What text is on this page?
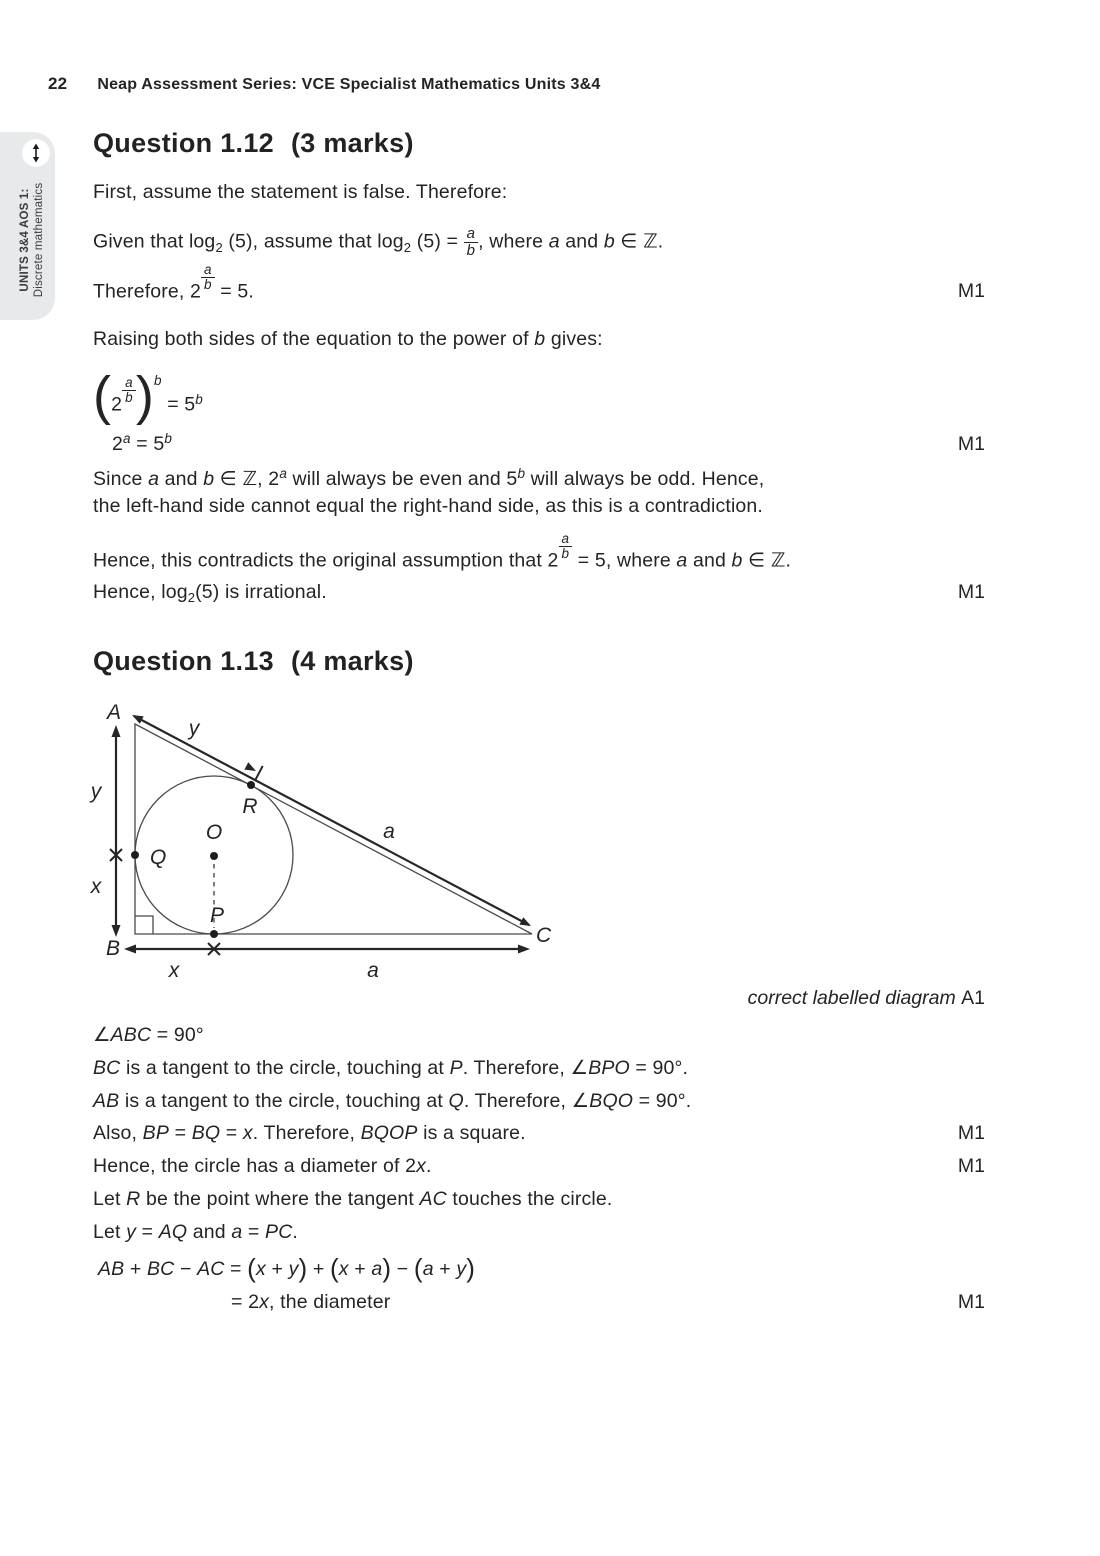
22 Neap Assessment Series: VCE Specialist Mathematics Units 3&4
UNITS 3&4 AOS 1: Discrete mathematics
Question 1.12 (3 marks)
First, assume the statement is false. Therefore:
Given that $\log_2 (5)$, assume that $\log_2 (5) = \frac{a}{b}$ , where a and b ∈ ℤ.
Therefore, $2 \frac{a}{b} = 5$.	M1
Raising both sides of the equation to the power of b gives:
$(2 \frac{a}{b} )^b = 5^b$
$2^a = 5^b$	M1
Since a and b ∈ ℤ, 2$^a$ will always be even and 5$^b$ will always be odd. Hence,
the left-hand side cannot equal the right-hand side, as this is a contradiction.
Hence, this contradicts the original assumption that $2 \frac{a}{b} = 5$, where a and b ∈ ℤ.
Hence, $\log_2(5)$ is irrational.	M1
Question 1.13 (4 marks)
A
B
C
O
P
Q
R
y
x
y
a
x	a
correct labelled diagram A1
∠ABC = 90°
BC is a tangent to the circle, touching at P. Therefore, ∠BPO = 90°.
AB is a tangent to the circle, touching at Q. Therefore, ∠BQO = 90°.
Also, BP = BQ = x. Therefore, BQOP is a square.	M1
Hence, the circle has a diameter of 2x.	M1
Let R be the point where the tangent AC touches the circle.
Let y = AQ and a = PC.
AB + BC − AC = (x + y) + (x + a) − (a + y)
= 2x, the diameter	M1
